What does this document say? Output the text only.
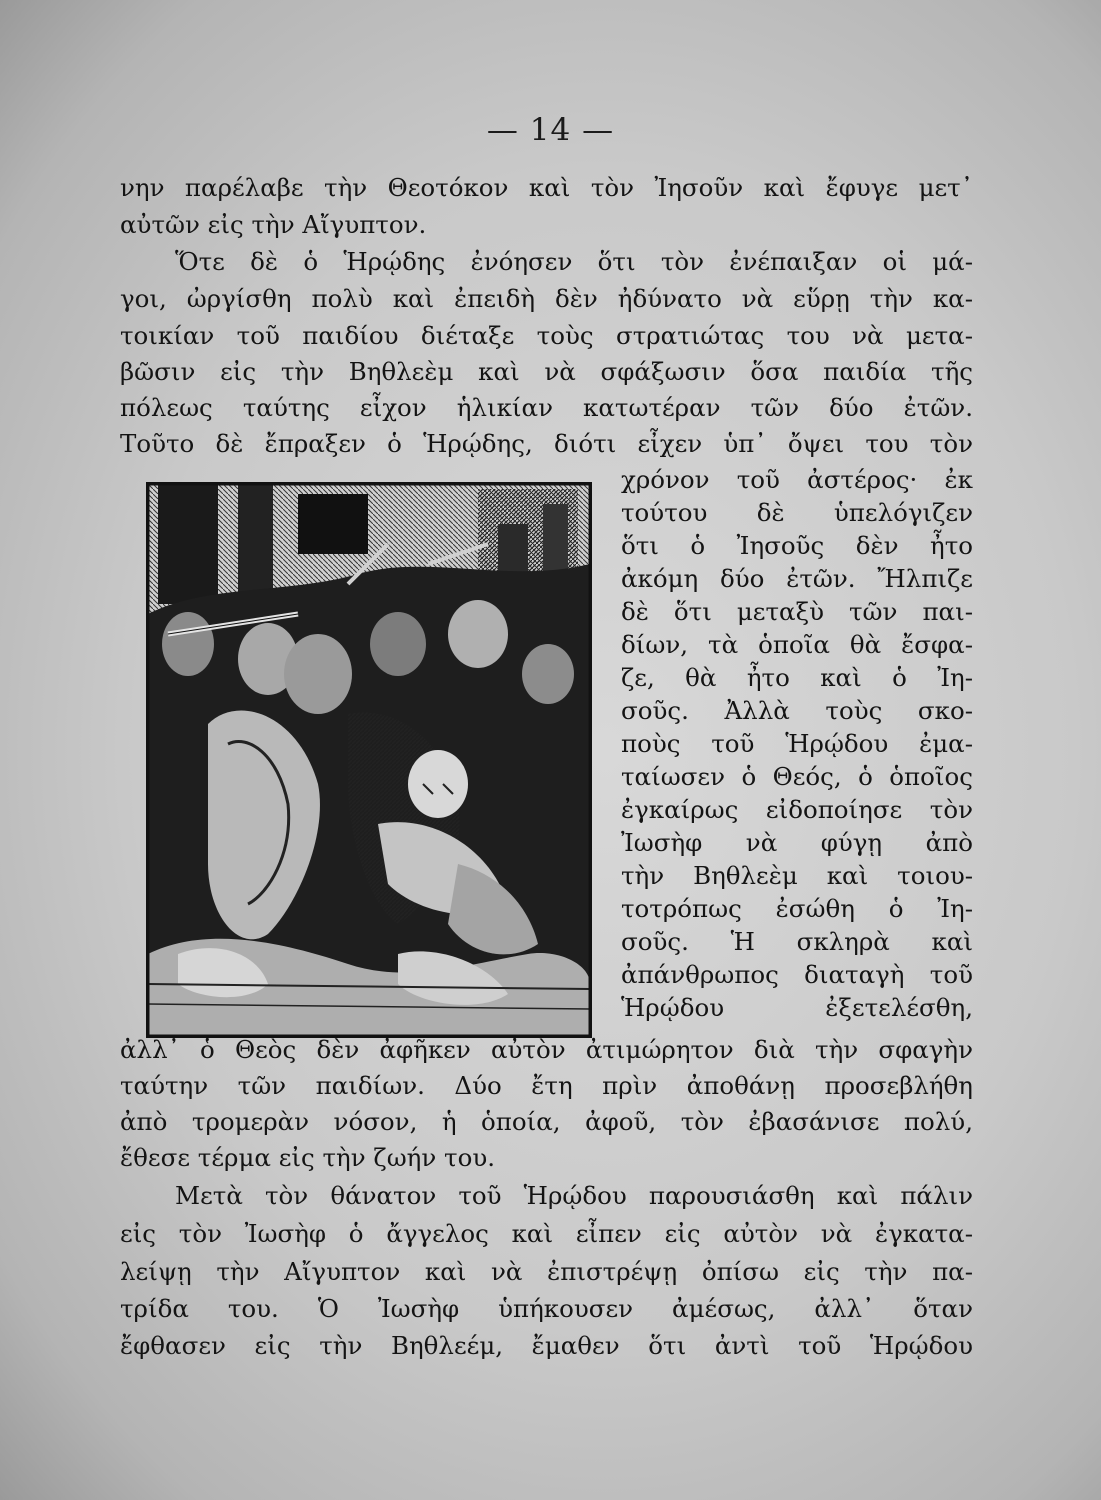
— 14 —
νην παρέλαβε τὴν Θεοτόκον καὶ τὸν Ἰησοῦν καὶ ἔφυγε μετ᾽
αὐτῶν εἰς τὴν Αἴγυπτον.
Ὅτε δὲ ὁ Ἡρῴδης ἐνόησεν ὅτι τὸν ἐνέπαιξαν οἱ μά-
γοι, ὠργίσθη πολὺ καὶ ἐπειδὴ δὲν ἠδύνατο νὰ εὕρῃ τὴν κα-
τοικίαν τοῦ παιδίου διέταξε τοὺς στρατιώτας του νὰ μετα-
βῶσιν εἰς τὴν Βηθλεὲμ καὶ νὰ σφάξωσιν ὅσα παιδία τῆς
πόλεως ταύτης εἶχον ἡλικίαν κατωτέραν τῶν δύο ἐτῶν.
Τοῦτο δὲ ἔπραξεν ὁ Ἡρῴδης, διότι εἶχεν ὑπ᾽ ὄψει του τὸν
χρόνον τοῦ ἀστέρος· ἐκ
τούτου δὲ ὑπελόγιζεν
ὅτι ὁ Ἰησοῦς δὲν ἦτο
ἀκόμη δύο ἐτῶν. Ἤλπιζε
δὲ ὅτι μεταξὺ τῶν παι-
δίων, τὰ ὁποῖα θὰ ἔσφα-
ζε, θὰ ἦτο καὶ ὁ Ἰη-
σοῦς. Ἀλλὰ τοὺς σκο-
ποὺς τοῦ Ἡρῴδου ἐμα-
ταίωσεν ὁ Θεός, ὁ ὁποῖος
ἐγκαίρως εἰδοποίησε τὸν
Ἰωσὴφ νὰ φύγῃ ἀπὸ
τὴν Βηθλεὲμ καὶ τοιου-
τοτρόπως ἐσώθη ὁ Ἰη-
σοῦς. Ἡ σκληρὰ καὶ
ἀπάνθρωπος διαταγὴ τοῦ
Ἡρῴδου ἐξετελέσθη,
ἀλλ᾽ ὁ Θεὸς δὲν ἀφῆκεν αὐτὸν ἀτιμώρητον διὰ τὴν σφαγὴν
ταύτην τῶν παιδίων. Δύο ἔτη πρὶν ἀποθάνῃ προσεβλήθη
ἀπὸ τρομερὰν νόσον, ἡ ὁποία, ἀφοῦ, τὸν ἐβασάνισε πολύ,
ἔθεσε τέρμα εἰς τὴν ζωήν του.
Μετὰ τὸν θάνατον τοῦ Ἡρῴδου παρουσιάσθη καὶ πάλιν
εἰς τὸν Ἰωσὴφ ὁ ἄγγελος καὶ εἶπεν εἰς αὐτὸν νὰ ἐγκατα-
λείψῃ τὴν Αἴγυπτον καὶ νὰ ἐπιστρέψῃ ὀπίσω εἰς τὴν πα-
τρίδα του. Ὁ Ἰωσὴφ ὑπήκουσεν ἀμέσως, ἀλλ᾽ ὅταν
ἔφθασεν εἰς τὴν Βηθλεέμ, ἔμαθεν ὅτι ἀντὶ τοῦ Ἡρῴδου
